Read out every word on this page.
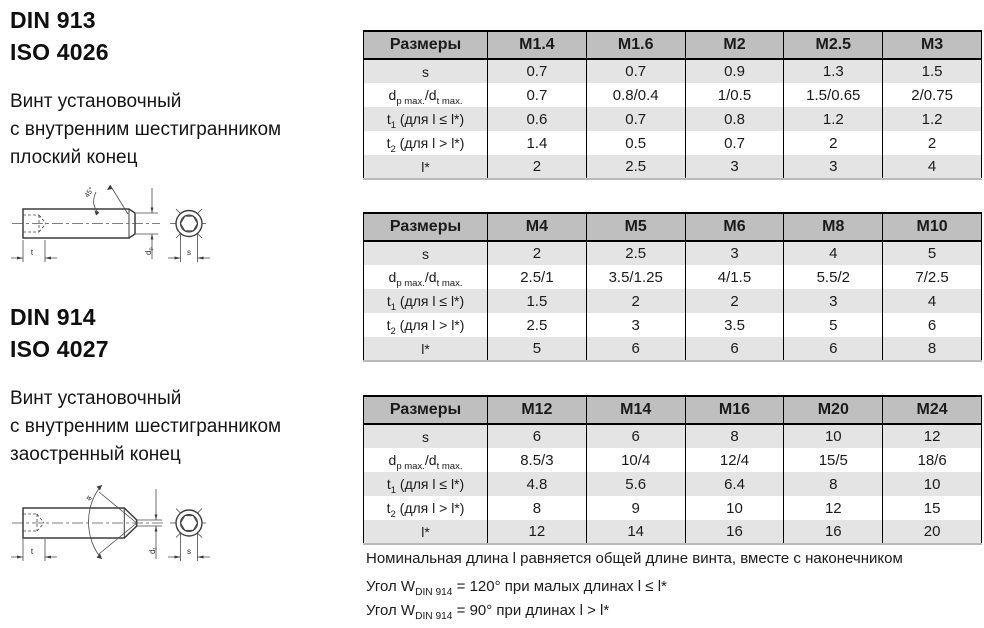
DIN 913
ISO 4026
Винт установочный
с внутренним шестигранником
плоский конец
t	s
dp
45°
DIN 914
ISO 4027
Винт установочный
с внутренним шестигранником
заостренный конец
t	s
dt
w
Размеры	M1.4	M1.6	M2	M2.5	M3
s	0.7	0.7	0.9	1.3	1.5
$d_{p max.}/d_{t max.}$	0.7	0.8/0.4	1/0.5	1.5/0.65	2/0.75
$t_1$ (для l ≤ l*)	0.6	0.7	0.8	1.2	1.2
$t_2$ (для l > l*)	1.4	0.5	0.7	2	2
l*	2	2.5	3	3	4
Размеры	M4	M5	M6	M8	M10
s	2	2.5	3	4	5
$d_{p max.}/d_{t max.}$	2.5/1	3.5/1.25	4/1.5	5.5/2	7/2.5
$t_1$ (для l ≤ l*)	1.5	2	2	3	4
$t_2$ (для l > l*)	2.5	3	3.5	5	6
l*	5	6	6	6	8
Размеры	M12	M14	M16	M20	M24
s	6	6	8	10	12
$d_{p max.}/d_{t max.}$	8.5/3	10/4	12/4	15/5	18/6
$t_1$ (для l ≤ l*)	4.8	5.6	6.4	8	10
$t_2$ (для l > l*)	8	9	10	12	15
l*	12	14	16	16	20
Номинальная длина l равняется общей длине винта, вместе с наконечником
Угол $W_{DIN 914} = 120^\circ$ при малых длинах l ≤ l*
Угол $W_{DIN 914} = 90^\circ$ при длинах l > l*
